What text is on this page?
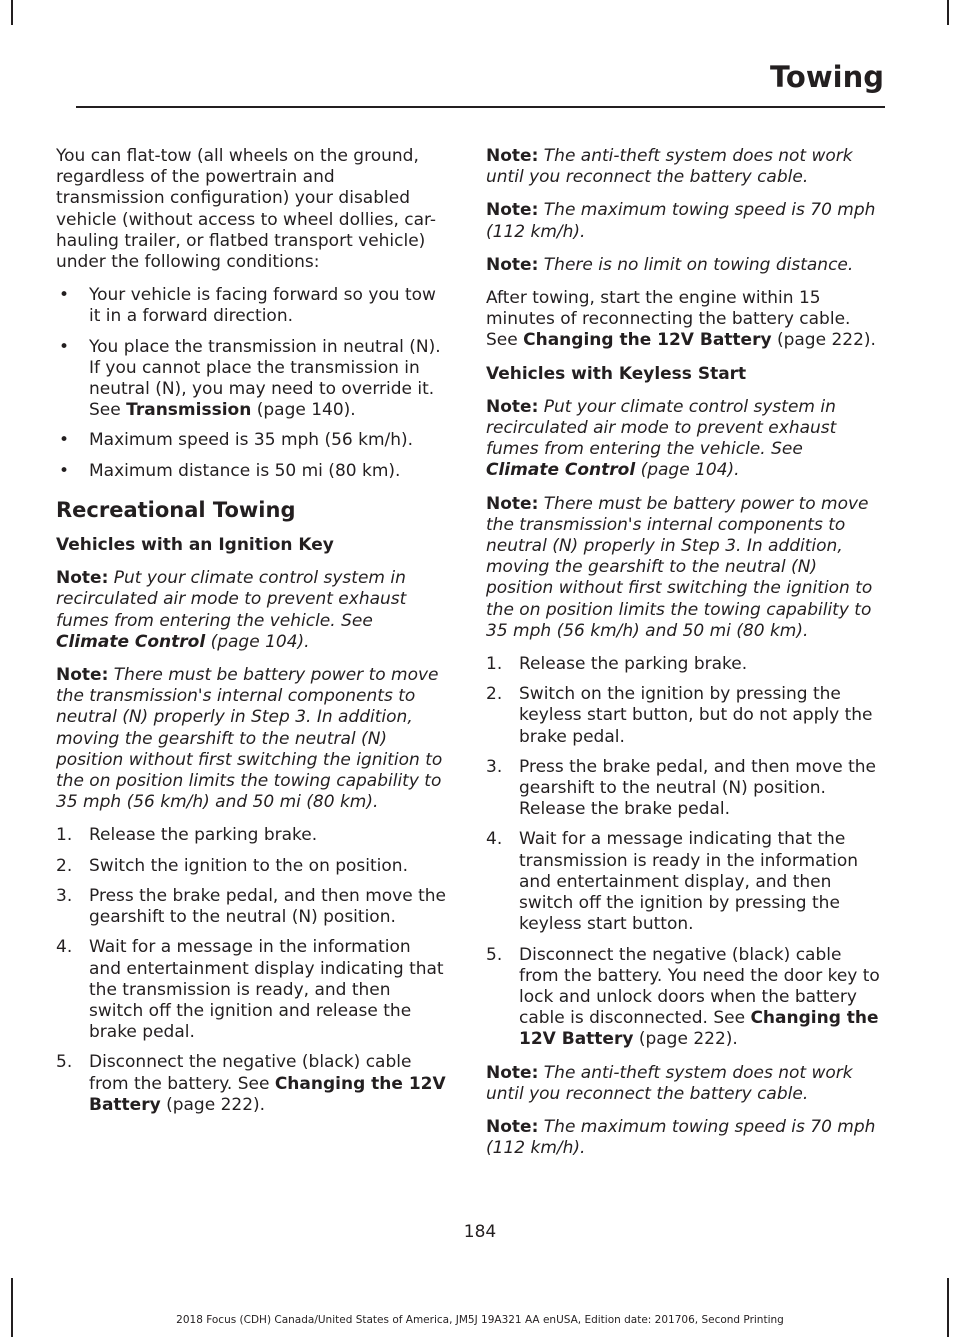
Towing

You can flat-tow (all wheels on the ground, regardless of the powertrain and transmission configuration) your disabled vehicle (without access to wheel dollies, car-hauling trailer, or flatbed transport vehicle) under the following conditions:

• Your vehicle is facing forward so you tow it in a forward direction.
• You place the transmission in neutral (N). If you cannot place the transmission in neutral (N), you may need to override it. See Transmission (page 140).
• Maximum speed is 35 mph (56 km/h).
• Maximum distance is 50 mi (80 km).
Recreational Towing
Vehicles with an Ignition Key

Note: Put your climate control system in recirculated air mode to prevent exhaust fumes from entering the vehicle. See Climate Control (page 104).

Note: There must be battery power to move the transmission's internal components to neutral (N) properly in Step 3. In addition, moving the gearshift to the neutral (N) position without first switching the ignition to the on position limits the towing capability to 35 mph (56 km/h) and 50 mi (80 km).

1. Release the parking brake.
2. Switch the ignition to the on position.
3. Press the brake pedal, and then move the gearshift to the neutral (N) position.
4. Wait for a message in the information and entertainment display indicating that the transmission is ready, and then switch off the ignition and release the brake pedal.
5. Disconnect the negative (black) cable from the battery. See Changing the 12V Battery (page 222).

Note: The anti-theft system does not work until you reconnect the battery cable.

Note: The maximum towing speed is 70 mph (112 km/h).

Note: There is no limit on towing distance.

After towing, start the engine within 15 minutes of reconnecting the battery cable. See Changing the 12V Battery (page 222).

Vehicles with Keyless Start

Note: Put your climate control system in recirculated air mode to prevent exhaust fumes from entering the vehicle. See Climate Control (page 104).

Note: There must be battery power to move the transmission's internal components to neutral (N) properly in Step 3. In addition, moving the gearshift to the neutral (N) position without first switching the ignition to the on position limits the towing capability to 35 mph (56 km/h) and 50 mi (80 km).

1. Release the parking brake.
2. Switch on the ignition by pressing the keyless start button, but do not apply the brake pedal.
3. Press the brake pedal, and then move the gearshift to the neutral (N) position. Release the brake pedal.
4. Wait for a message indicating that the transmission is ready in the information and entertainment display, and then switch off the ignition by pressing the keyless start button.
5. Disconnect the negative (black) cable from the battery. You need the door key to lock and unlock doors when the battery cable is disconnected. See Changing the 12V Battery (page 222).

Note: The anti-theft system does not work until you reconnect the battery cable.

Note: The maximum towing speed is 70 mph (112 km/h).

184
2018 Focus (CDH) Canada/United States of America, JM5J 19A321 AA enUSA, Edition date: 201706, Second Printing
